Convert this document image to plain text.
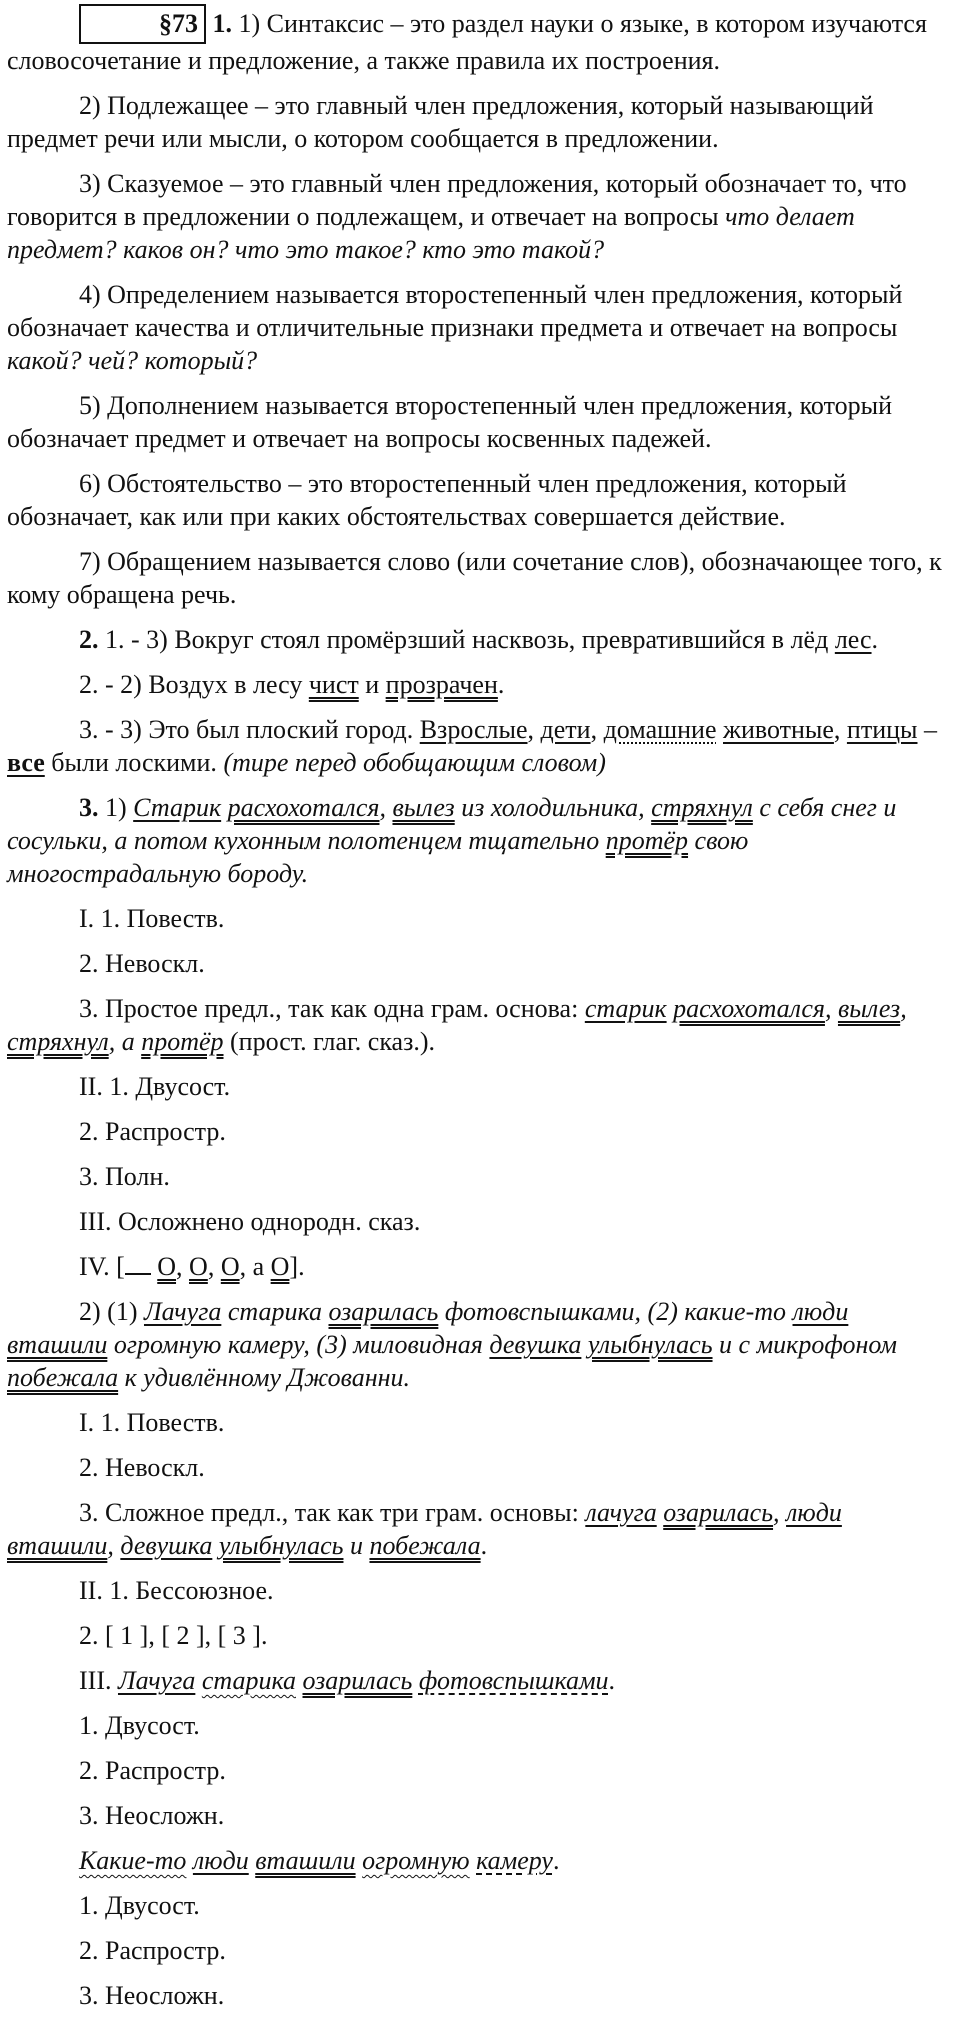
§73 1. 1) Синтаксис – это раздел науки о языке, в котором изучаются словосочетание и предложение, а также правила их построения.

2) Подлежащее – это главный член предложения, который называющий предмет речи или мысли, о котором сообщается в предложении.

3) Сказуемое – это главный член предложения, который обозначает то, что говорится в предложении о подлежащем, и отвечает на вопросы что делает предмет? каков он? что это такое? кто это такой?

4) Определением называется второстепенный член предложения, который обозначает качества и отличительные признаки предмета и отвечает на вопросы какой? чей? который?

5) Дополнением называется второстепенный член предложения, который обозначает предмет и отвечает на вопросы косвенных падежей.

6) Обстоятельство – это второстепенный член предложения, который обозначает, как или при каких обстоятельствах совершается действие.

7) Обращением называется слово (или сочетание слов), обозначающее того, к кому обращена речь.

2. 1. - 3) Вокруг стоял промёрзший насквозь, превратившийся в лёд лес.

2. - 2) Воздух в лесу чист и прозрачен.

3. - 3) Это был плоский город. Взрослые, дети, домашние животные, птицы – все были лоскими. (тире перед обобщающим словом)

3. 1) Старик расхохотался, вылез из холодильника, стряхнул с себя снег и сосульки, а потом кухонным полотенцем тщательно протёр свою многострадальную бороду.

I. 1. Повеств.

2. Невоскл.

3. Простое предл., так как одна грам. основа: старик расхохотался, вылез, стряхнул, а протёр (прост. глаг. сказ.).

II. 1. Двусост.

2. Распростр.

3. Полн.

III. Осложнено однородн. сказ.

IV. [ O, O, O, а O].

2) (1) Лачуга старика озарилась фотовспышками, (2) какие-то люди вташили огромную камеру, (3) миловидная девушка улыбнулась и с микрофоном побежала к удивлённому Джованни.

I. 1. Повеств.

2. Невоскл.

3. Сложное предл., так как три грам. основы: лачуга озарилась, люди вташили, девушка улыбнулась и побежала.

II. 1. Бессоюзное.

2. [ 1 ], [ 2 ], [ 3 ].

III. Лачуга старика озарилась фотовспышками.

1. Двусост.

2. Распростр.

3. Неосложн.

Какие-то люди вташили огромную камеру.

1. Двусост.

2. Распростр.

3. Неосложн.
